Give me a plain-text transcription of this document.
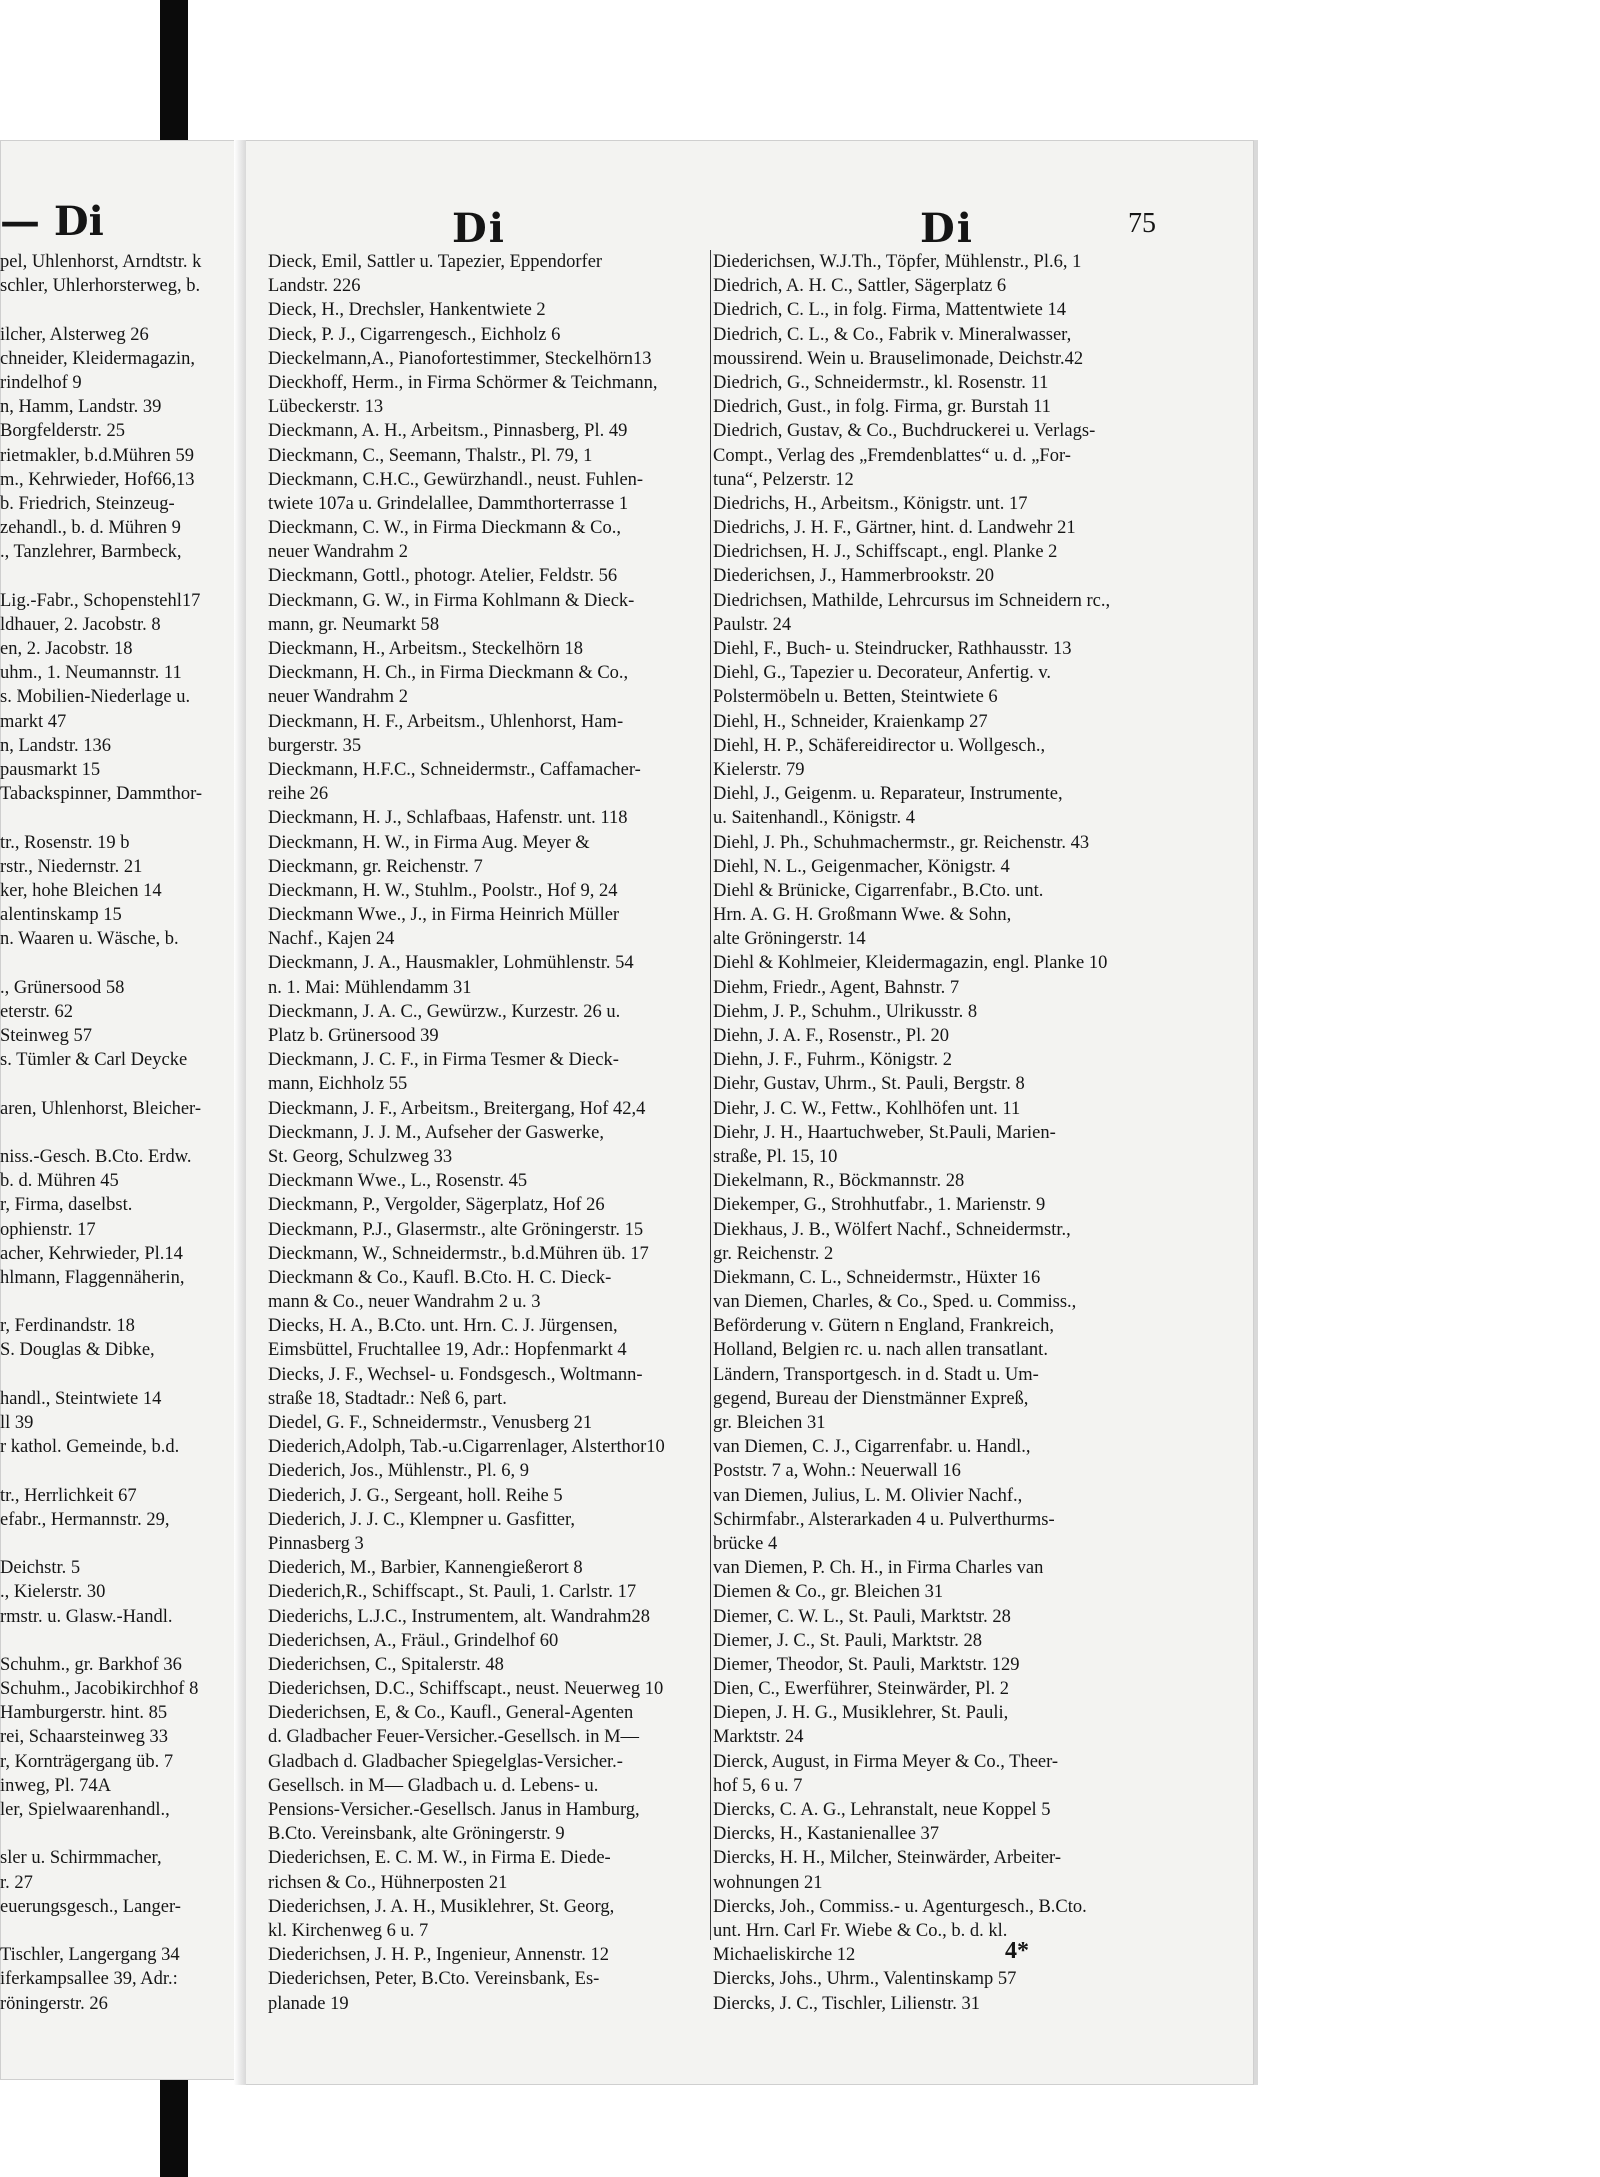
— Di	Di	Di	75
pel, Uhlenhorst, Arndtstr. k
schler, Uhlerhorsterweg, b.
ilcher, Alsterweg 26
chneider, Kleidermagazin,
rindelhof 9
n, Hamm, Landstr. 39
Borgfelderstr. 25
rietmakler, b.d.Mühren 59
m., Kehrwieder, Hof66,13
b. Friedrich, Steinzeug-
zehandl., b. d. Mühren 9
., Tanzlehrer, Barmbeck,
Lig.-Fabr., Schopenstehl17
ldhauer, 2. Jacobstr. 8
en, 2. Jacobstr. 18
uhm., 1. Neumannstr. 11
s. Mobilien-Niederlage u.
markt 47
n, Landstr. 136
pausmarkt 15
Tabackspinner, Dammthor-
tr., Rosenstr. 19 b
rstr., Niedernstr. 21
ker, hohe Bleichen 14
alentinskamp 15
n. Waaren u. Wäsche, b.
., Grünersood 58
eterstr. 62
Steinweg 57
s. Tümler & Carl Deycke
aren, Uhlenhorst, Bleicher-
niss.-Gesch. B.Cto. Erdw.
b. d. Mühren 45
r, Firma, daselbst.
ophienstr. 17
acher, Kehrwieder, Pl.14
hlmann, Flaggennäherin,
r, Ferdinandstr. 18
S. Douglas & Dibke,
handl., Steintwiete 14
ll 39
r kathol. Gemeinde, b.d.
tr., Herrlichkeit 67
efabr., Hermannstr. 29,
Deichstr. 5
., Kielerstr. 30
rmstr. u. Glasw.-Handl.
Schuhm., gr. Barkhof 36
Schuhm., Jacobikirchhof 8
Hamburgerstr. hint. 85
rei, Schaarsteinweg 33
r, Kornträgergang üb. 7
inweg, Pl. 74A
ler, Spielwaarenhandl.,
sler u. Schirmmacher,
r. 27
euerungsgesch., Langer-
Tischler, Langergang 34
iferkampsallee 39, Adr.:
röningerstr. 26
Dieck, Emil, Sattler u. Tapezier, Eppendorfer
Landstr. 226
Dieck, H., Drechsler, Hankentwiete 2
Dieck, P. J., Cigarrengesch., Eichholz 6
Dieckelmann,A., Pianofortestimmer, Steckelhörn13
Dieckhoff, Herm., in Firma Schörmer & Teichmann,
Lübeckerstr. 13
Dieckmann, A. H., Arbeitsm., Pinnasberg, Pl. 49
Dieckmann, C., Seemann, Thalstr., Pl. 79, 1
Dieckmann, C.H.C., Gewürzhandl., neust. Fuhlen-
twiete 107a u. Grindelallee, Dammthorterrasse 1
Dieckmann, C. W., in Firma Dieckmann & Co.,
neuer Wandrahm 2
Dieckmann, Gottl., photogr. Atelier, Feldstr. 56
Dieckmann, G. W., in Firma Kohlmann & Dieck-
mann, gr. Neumarkt 58
Dieckmann, H., Arbeitsm., Steckelhörn 18
Dieckmann, H. Ch., in Firma Dieckmann & Co.,
neuer Wandrahm 2
Dieckmann, H. F., Arbeitsm., Uhlenhorst, Ham-
burgerstr. 35
Dieckmann, H.F.C., Schneidermstr., Caffamacher-
reihe 26
Dieckmann, H. J., Schlafbaas, Hafenstr. unt. 118
Dieckmann, H. W., in Firma Aug. Meyer &
Dieckmann, gr. Reichenstr. 7
Dieckmann, H. W., Stuhlm., Poolstr., Hof 9, 24
Dieckmann Wwe., J., in Firma Heinrich Müller
Nachf., Kajen 24
Dieckmann, J. A., Hausmakler, Lohmühlenstr. 54
n. 1. Mai: Mühlendamm 31
Dieckmann, J. A. C., Gewürzw., Kurzestr. 26 u.
Platz b. Grünersood 39
Dieckmann, J. C. F., in Firma Tesmer & Dieck-
mann, Eichholz 55
Dieckmann, J. F., Arbeitsm., Breitergang, Hof 42,4
Dieckmann, J. J. M., Aufseher der Gaswerke,
St. Georg, Schulzweg 33
Dieckmann Wwe., L., Rosenstr. 45
Dieckmann, P., Vergolder, Sägerplatz, Hof 26
Dieckmann, P.J., Glasermstr., alte Gröningerstr. 15
Dieckmann, W., Schneidermstr., b.d.Mühren üb. 17
Dieckmann & Co., Kaufl. B.Cto. H. C. Dieck-
mann & Co., neuer Wandrahm 2 u. 3
Diecks, H. A., B.Cto. unt. Hrn. C. J. Jürgensen,
Eimsbüttel, Fruchtallee 19, Adr.: Hopfenmarkt 4
Diecks, J. F., Wechsel- u. Fondsgesch., Woltmann-
straße 18, Stadtadr.: Neß 6, part.
Diedel, G. F., Schneidermstr., Venusberg 21
Diederich,Adolph, Tab.-u.Cigarrenlager, Alsterthor10
Diederich, Jos., Mühlenstr., Pl. 6, 9
Diederich, J. G., Sergeant, holl. Reihe 5
Diederich, J. J. C., Klempner u. Gasfitter,
Pinnasberg 3
Diederich, M., Barbier, Kannengießerort 8
Diederich,R., Schiffscapt., St. Pauli, 1. Carlstr. 17
Diederichs, L.J.C., Instrumentem, alt. Wandrahm28
Diederichsen, A., Fräul., Grindelhof 60
Diederichsen, C., Spitalerstr. 48
Diederichsen, D.C., Schiffscapt., neust. Neuerweg 10
Diederichsen, E, & Co., Kaufl., General-Agenten
d. Gladbacher Feuer-Versicher.-Gesellsch. in M—
Gladbach d. Gladbacher Spiegelglas-Versicher.-
Gesellsch. in M— Gladbach u. d. Lebens- u.
Pensions-Versicher.-Gesellsch. Janus in Hamburg,
B.Cto. Vereinsbank, alte Gröningerstr. 9
Diederichsen, E. C. M. W., in Firma E. Diede-
richsen & Co., Hühnerposten 21
Diederichsen, J. A. H., Musiklehrer, St. Georg,
kl. Kirchenweg 6 u. 7
Diederichsen, J. H. P., Ingenieur, Annenstr. 12
Diederichsen, Peter, B.Cto. Vereinsbank, Es-
planade 19
Diederichsen, W.J.Th., Töpfer, Mühlenstr., Pl.6, 1
Diedrich, A. H. C., Sattler, Sägerplatz 6
Diedrich, C. L., in folg. Firma, Mattentwiete 14
Diedrich, C. L., & Co., Fabrik v. Mineralwasser,
moussirend. Wein u. Brauselimonade, Deichstr.42
Diedrich, G., Schneidermstr., kl. Rosenstr. 11
Diedrich, Gust., in folg. Firma, gr. Burstah 11
Diedrich, Gustav, & Co., Buchdruckerei u. Verlags-
Compt., Verlag des „Fremdenblattes“ u. d. „For-
tuna“, Pelzerstr. 12
Diedrichs, H., Arbeitsm., Königstr. unt. 17
Diedrichs, J. H. F., Gärtner, hint. d. Landwehr 21
Diedrichsen, H. J., Schiffscapt., engl. Planke 2
Diederichsen, J., Hammerbrookstr. 20
Diedrichsen, Mathilde, Lehrcursus im Schneidern rc.,
Paulstr. 24
Diehl, F., Buch- u. Steindrucker, Rathhausstr. 13
Diehl, G., Tapezier u. Decorateur, Anfertig. v.
Polstermöbeln u. Betten, Steintwiete 6
Diehl, H., Schneider, Kraienkamp 27
Diehl, H. P., Schäfereidirector u. Wollgesch.,
Kielerstr. 79
Diehl, J., Geigenm. u. Reparateur, Instrumente,
u. Saitenhandl., Königstr. 4
Diehl, J. Ph., Schuhmachermstr., gr. Reichenstr. 43
Diehl, N. L., Geigenmacher, Königstr. 4
Diehl & Brünicke, Cigarrenfabr., B.Cto. unt.
Hrn. A. G. H. Großmann Wwe. & Sohn,
alte Gröningerstr. 14
Diehl & Kohlmeier, Kleidermagazin, engl. Planke 10
Diehm, Friedr., Agent, Bahnstr. 7
Diehm, J. P., Schuhm., Ulrikusstr. 8
Diehn, J. A. F., Rosenstr., Pl. 20
Diehn, J. F., Fuhrm., Königstr. 2
Diehr, Gustav, Uhrm., St. Pauli, Bergstr. 8
Diehr, J. C. W., Fettw., Kohlhöfen unt. 11
Diehr, J. H., Haartuchweber, St.Pauli, Marien-
straße, Pl. 15, 10
Diekelmann, R., Böckmannstr. 28
Diekemper, G., Strohhutfabr., 1. Marienstr. 9
Diekhaus, J. B., Wölfert Nachf., Schneidermstr.,
gr. Reichenstr. 2
Diekmann, C. L., Schneidermstr., Hüxter 16
van Diemen, Charles, & Co., Sped. u. Commiss.,
Beförderung v. Gütern n England, Frankreich,
Holland, Belgien rc. u. nach allen transatlant.
Ländern, Transportgesch. in d. Stadt u. Um-
gegend, Bureau der Dienstmänner Expreß,
gr. Bleichen 31
van Diemen, C. J., Cigarrenfabr. u. Handl.,
Poststr. 7 a, Wohn.: Neuerwall 16
van Diemen, Julius, L. M. Olivier Nachf.,
Schirmfabr., Alsterarkaden 4 u. Pulverthurms-
brücke 4
van Diemen, P. Ch. H., in Firma Charles van
Diemen & Co., gr. Bleichen 31
Diemer, C. W. L., St. Pauli, Marktstr. 28
Diemer, J. C., St. Pauli, Marktstr. 28
Diemer, Theodor, St. Pauli, Marktstr. 129
Dien, C., Ewerführer, Steinwärder, Pl. 2
Diepen, J. H. G., Musiklehrer, St. Pauli,
Marktstr. 24
Dierck, August, in Firma Meyer & Co., Theer-
hof 5, 6 u. 7
Diercks, C. A. G., Lehranstalt, neue Koppel 5
Diercks, H., Kastanienallee 37
Diercks, H. H., Milcher, Steinwärder, Arbeiter-
wohnungen 21
Diercks, Joh., Commiss.- u. Agenturgesch., B.Cto.
unt. Hrn. Carl Fr. Wiebe & Co., b. d. kl.
Michaeliskirche 12
Diercks, Johs., Uhrm., Valentinskamp 57
Diercks, J. C., Tischler, Lilienstr. 31
4*
